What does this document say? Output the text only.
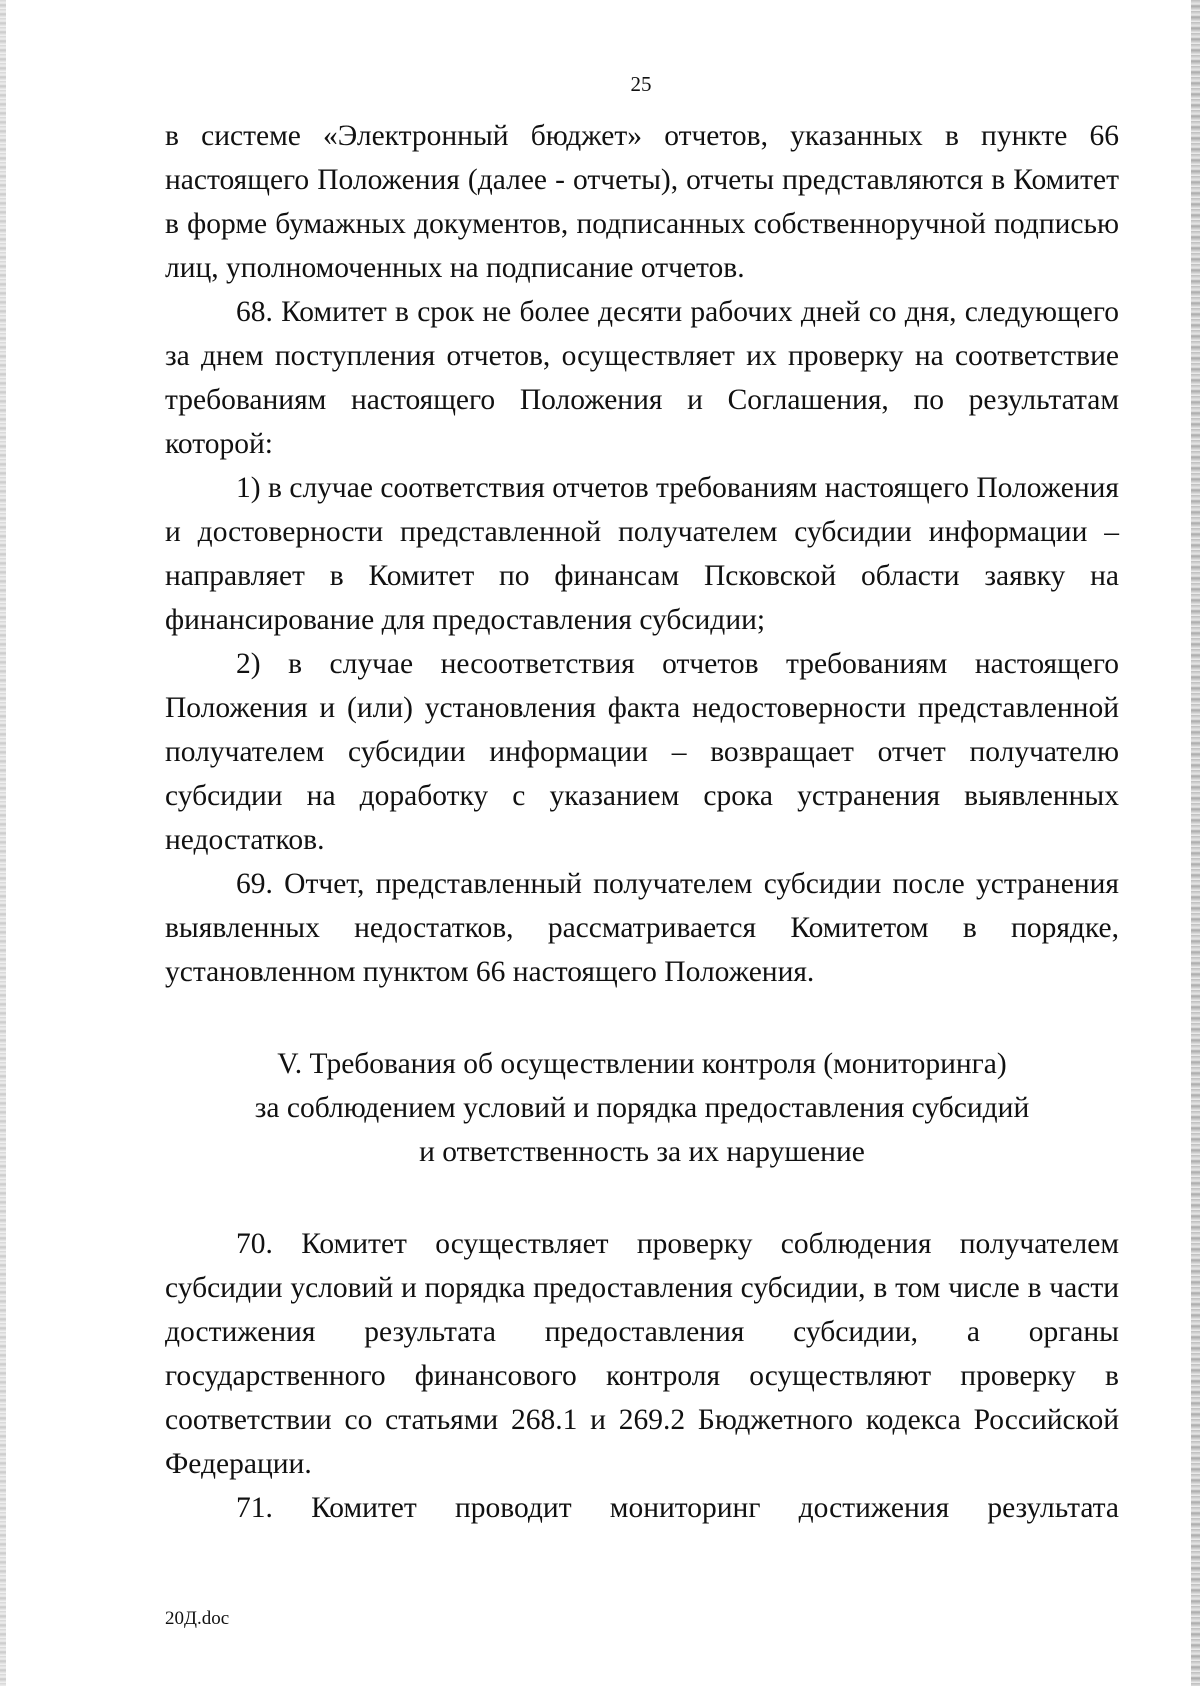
25

в системе «Электронный бюджет» отчетов, указанных в пункте 66 настоящего Положения (далее - отчеты), отчеты представляются в Комитет в форме бумажных документов, подписанных собственноручной подписью лиц, уполномоченных на подписание отчетов.

68. Комитет в срок не более десяти рабочих дней со дня, следующего за днем поступления отчетов, осуществляет их проверку на соответствие требованиям настоящего Положения и Соглашения, по результатам которой:

1) в случае соответствия отчетов требованиям настоящего Положения и достоверности представленной получателем субсидии информации – направляет в Комитет по финансам Псковской области заявку на финансирование для предоставления субсидии;

2) в случае несоответствия отчетов требованиям настоящего Положения и (или) установления факта недостоверности представленной получателем субсидии информации – возвращает отчет получателю субсидии на доработку с указанием срока устранения выявленных недостатков.

69. Отчет, представленный получателем субсидии после устранения выявленных недостатков, рассматривается Комитетом в порядке, установленном пунктом 66 настоящего Положения.

V. Требования об осуществлении контроля (мониторинга)
за соблюдением условий и порядка предоставления субсидий
и ответственность за их нарушение

70. Комитет осуществляет проверку соблюдения получателем субсидии условий и порядка предоставления субсидии, в том числе в части достижения результата предоставления субсидии, а органы государственного финансового контроля осуществляют проверку в соответствии со статьями 268.1 и 269.2 Бюджетного кодекса Российской Федерации.

71. Комитет проводит мониторинг достижения результата

20Д.doc
